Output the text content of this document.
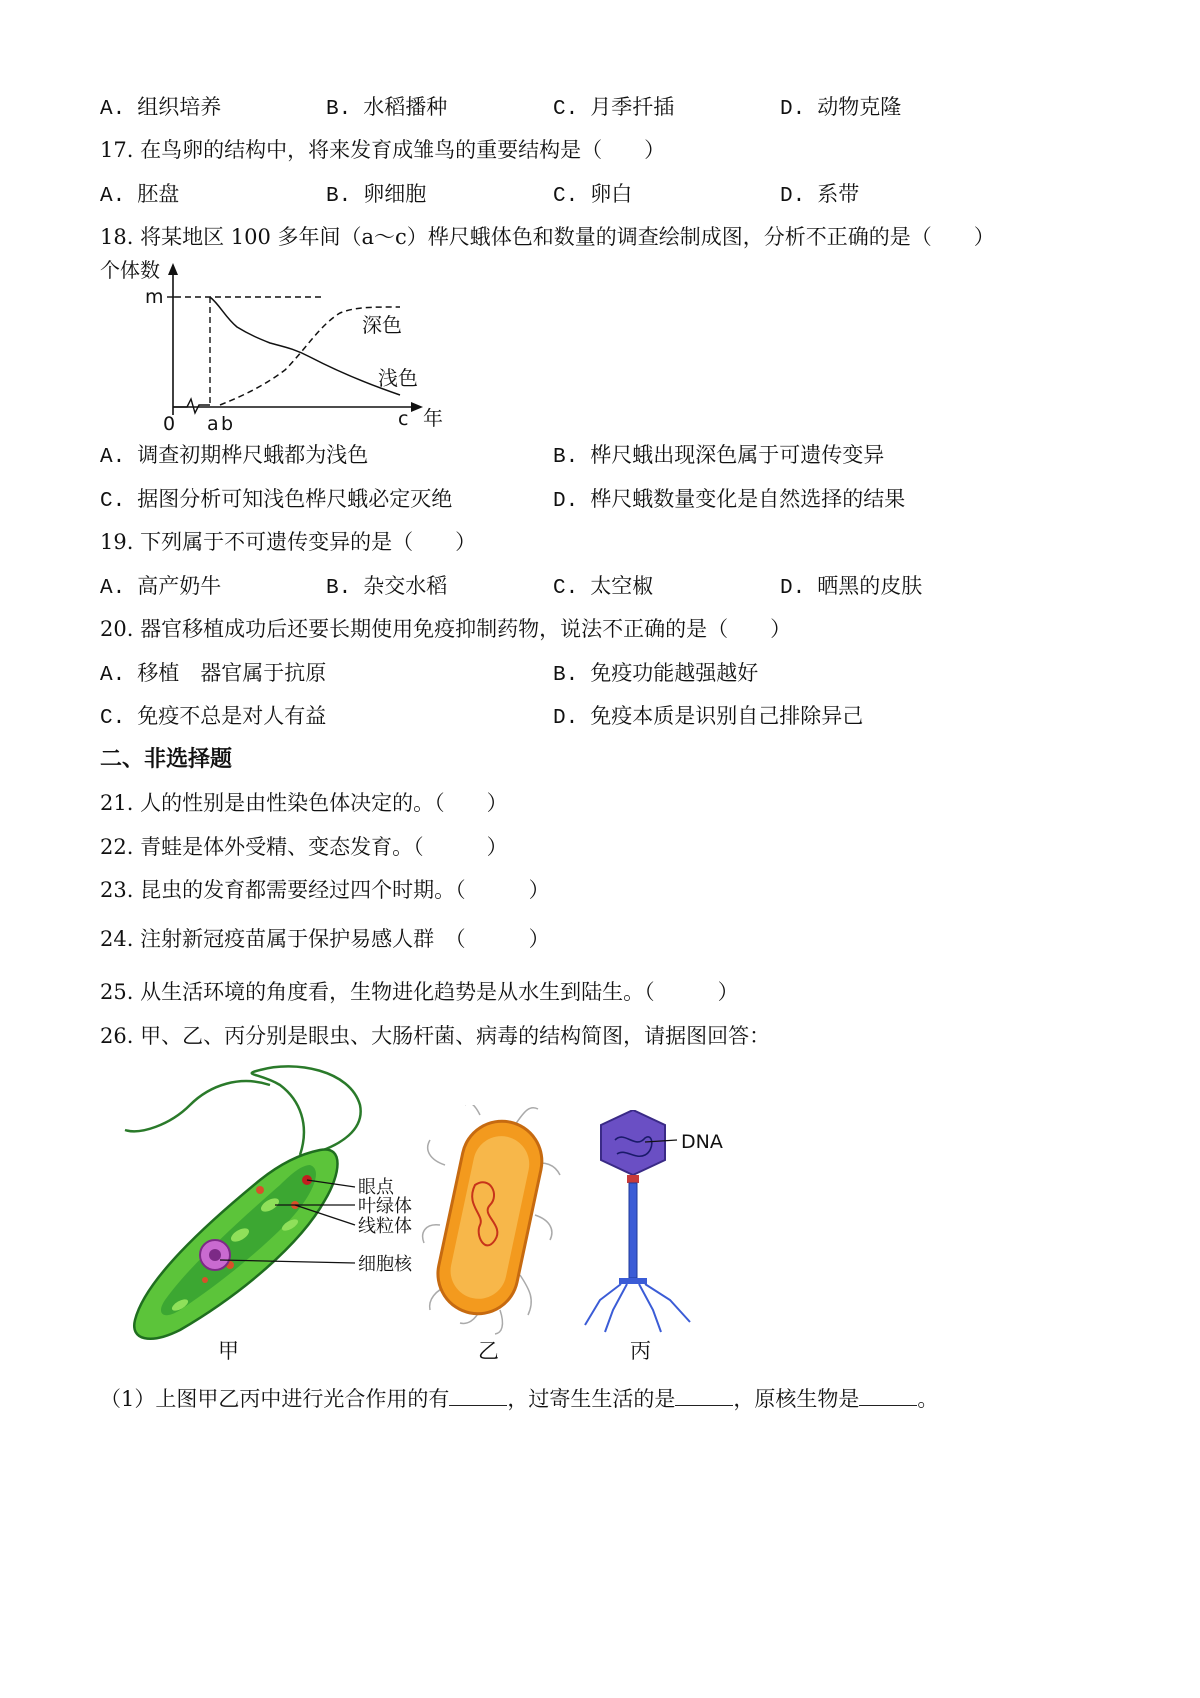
A. 组织培养	B. 水稻播种	C. 月季扦插	D. 动物克隆
17. 在鸟卵的结构中，将来发育成雏鸟的重要结构是（　　）
A. 胚盘	B. 卵细胞	C. 卵白	D. 系带
18. 将某地区 100 多年间（a～c）桦尺蛾体色和数量的调查绘制成图，分析不正确的是（　　）
个体数
m
0 a b	c 年
深色
浅色
A. 调查初期桦尺蛾都为浅色	B. 桦尺蛾出现深色属于可遗传变异
C. 据图分析可知浅色桦尺蛾必定灭绝	D. 桦尺蛾数量变化是自然选择的结果
19. 下列属于不可遗传变异的是（　　）
A. 高产奶牛	B. 杂交水稻	C. 太空椒	D. 晒黑的皮肤
20. 器官移植成功后还要长期使用免疫抑制药物，说法不正确的是（　　）
A. 移植　器官属于抗原	B. 免疫功能越强越好
C. 免疫不总是对人有益	D. 免疫本质是识别自己排除异己
二、非选择题
21. 人的性别是由性染色体决定的。（　　）
22. 青蛙是体外受精、变态发育。（　　　）
23. 昆虫的发育都需要经过四个时期。（　　　）
24. 注射新冠疫苗属于保护易感人群　（　　　）
25. 从生活环境的角度看，生物进化趋势是从水生到陆生。（　　　）
26. 甲、乙、丙分别是眼虫、大肠杆菌、病毒的结构简图，请据图回答：
眼点
叶绿体
线粒体
细胞核
DNA
甲	乙	丙
（1）上图甲乙丙中进行光合作用的有	，过寄生生活的是	，原核生物是	。
